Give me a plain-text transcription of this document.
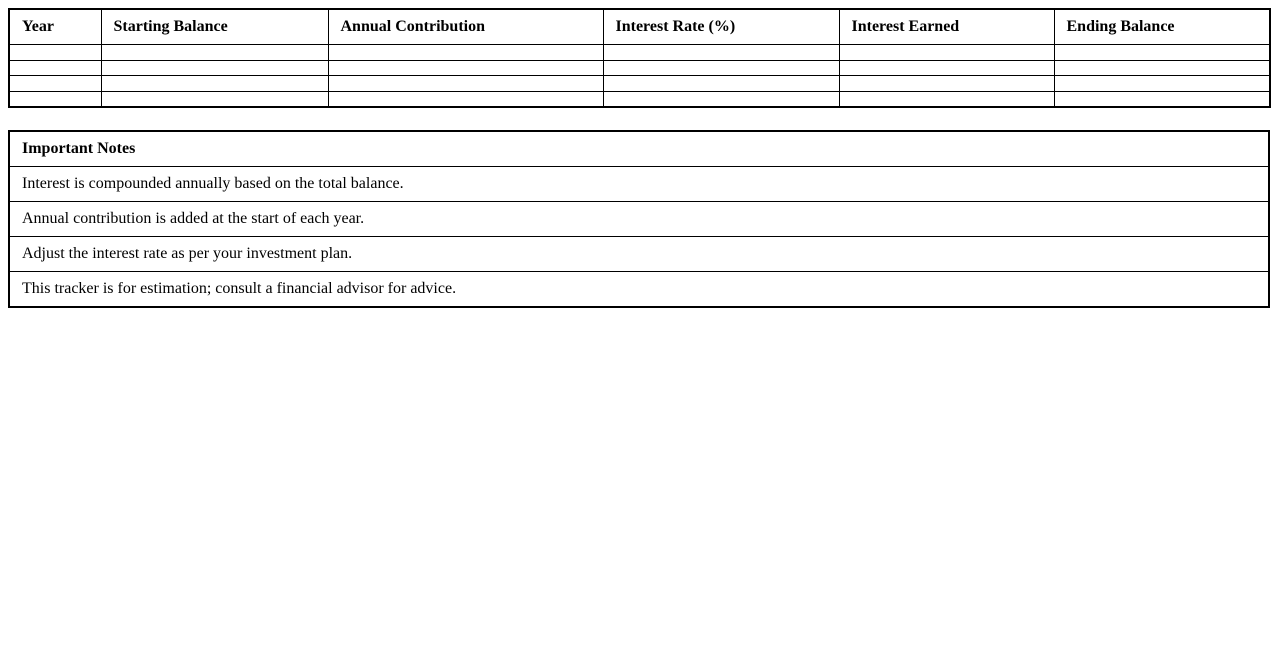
Year	Starting Balance	Annual Contribution	Interest Rate (%)	Interest Earned	Ending Balance

Important Notes
Interest is compounded annually based on the total balance.
Annual contribution is added at the start of each year.
Adjust the interest rate as per your investment plan.
This tracker is for estimation; consult a financial advisor for advice.
